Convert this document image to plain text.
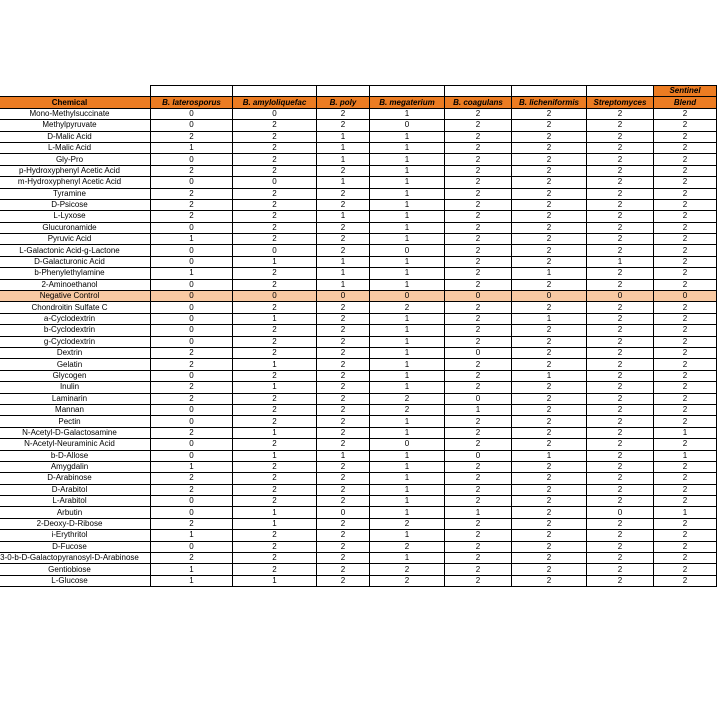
								Sentinel
Chemical	B. laterosporus	B. amyloliquefac	B. poly	B. megaterium	B. coagulans	B. licheniformis	Streptomyces	Blend
Mono-Methylsuccinate	0	0	2	1	2	2	2	2
Methylpyruvate	0	2	2	0	2	2	2	2
D-Malic Acid	2	2	1	1	2	2	2	2
L-Malic Acid	1	2	1	1	2	2	2	2
Gly-Pro	0	2	1	1	2	2	2	2
p-Hydroxyphenyl Acetic Acid	2	2	2	1	2	2	2	2
m-Hydroxyphenyl Acetic Acid	0	0	1	1	2	2	2	2
Tyramine	2	2	2	1	2	2	2	2
D-Psicose	2	2	2	1	2	2	2	2
L-Lyxose	2	2	1	1	2	2	2	2
Glucuronamide	0	2	2	1	2	2	2	2
Pyruvic Acid	1	2	2	1	2	2	2	2
L-Galactonic Acid-g-Lactone	0	0	2	0	2	2	2	2
D-Galacturonic Acid	0	1	1	1	2	2	1	2
b-Phenylethylamine	1	2	1	1	2	1	2	2
2-Aminoethanol	0	2	1	1	2	2	2	2
Negative Control	0	0	0	0	0	0	0	0
Chondroitin Sulfate C	0	2	2	2	2	2	2	2
a-Cyclodextrin	0	1	2	1	2	1	2	2
b-Cyclodextrin	0	2	2	1	2	2	2	2
g-Cyclodextrin	0	2	2	1	2	2	2	2
Dextrin	2	2	2	1	0	2	2	2
Gelatin	2	1	2	1	2	2	2	2
Glycogen	0	2	2	1	2	1	2	2
Inulin	2	1	2	1	2	2	2	2
Laminarin	2	2	2	2	0	2	2	2
Mannan	0	2	2	2	1	2	2	2
Pectin	0	2	2	1	2	2	2	2
N-Acetyl-D-Galactosamine	2	1	2	1	2	2	2	1
N-Acetyl-Neuraminic Acid	0	2	2	0	2	2	2	2
b-D-Allose	0	1	1	1	0	1	2	1
Amygdalin	1	2	2	1	2	2	2	2
D-Arabinose	2	2	2	1	2	2	2	2
D-Arabitol	2	2	2	1	2	2	2	2
L-Arabitol	0	2	2	1	2	2	2	2
Arbutin	0	1	0	1	1	2	0	1
2-Deoxy-D-Ribose	2	1	2	2	2	2	2	2
i-Erythritol	1	2	2	1	2	2	2	2
D-Fucose	0	2	2	2	2	2	2	2
3-0-b-D-Galactopyranosyl-D-Arabinose	2	2	2	1	2	2	2	2
Gentiobiose	1	2	2	2	2	2	2	2
L-Glucose	1	1	2	2	2	2	2	2
